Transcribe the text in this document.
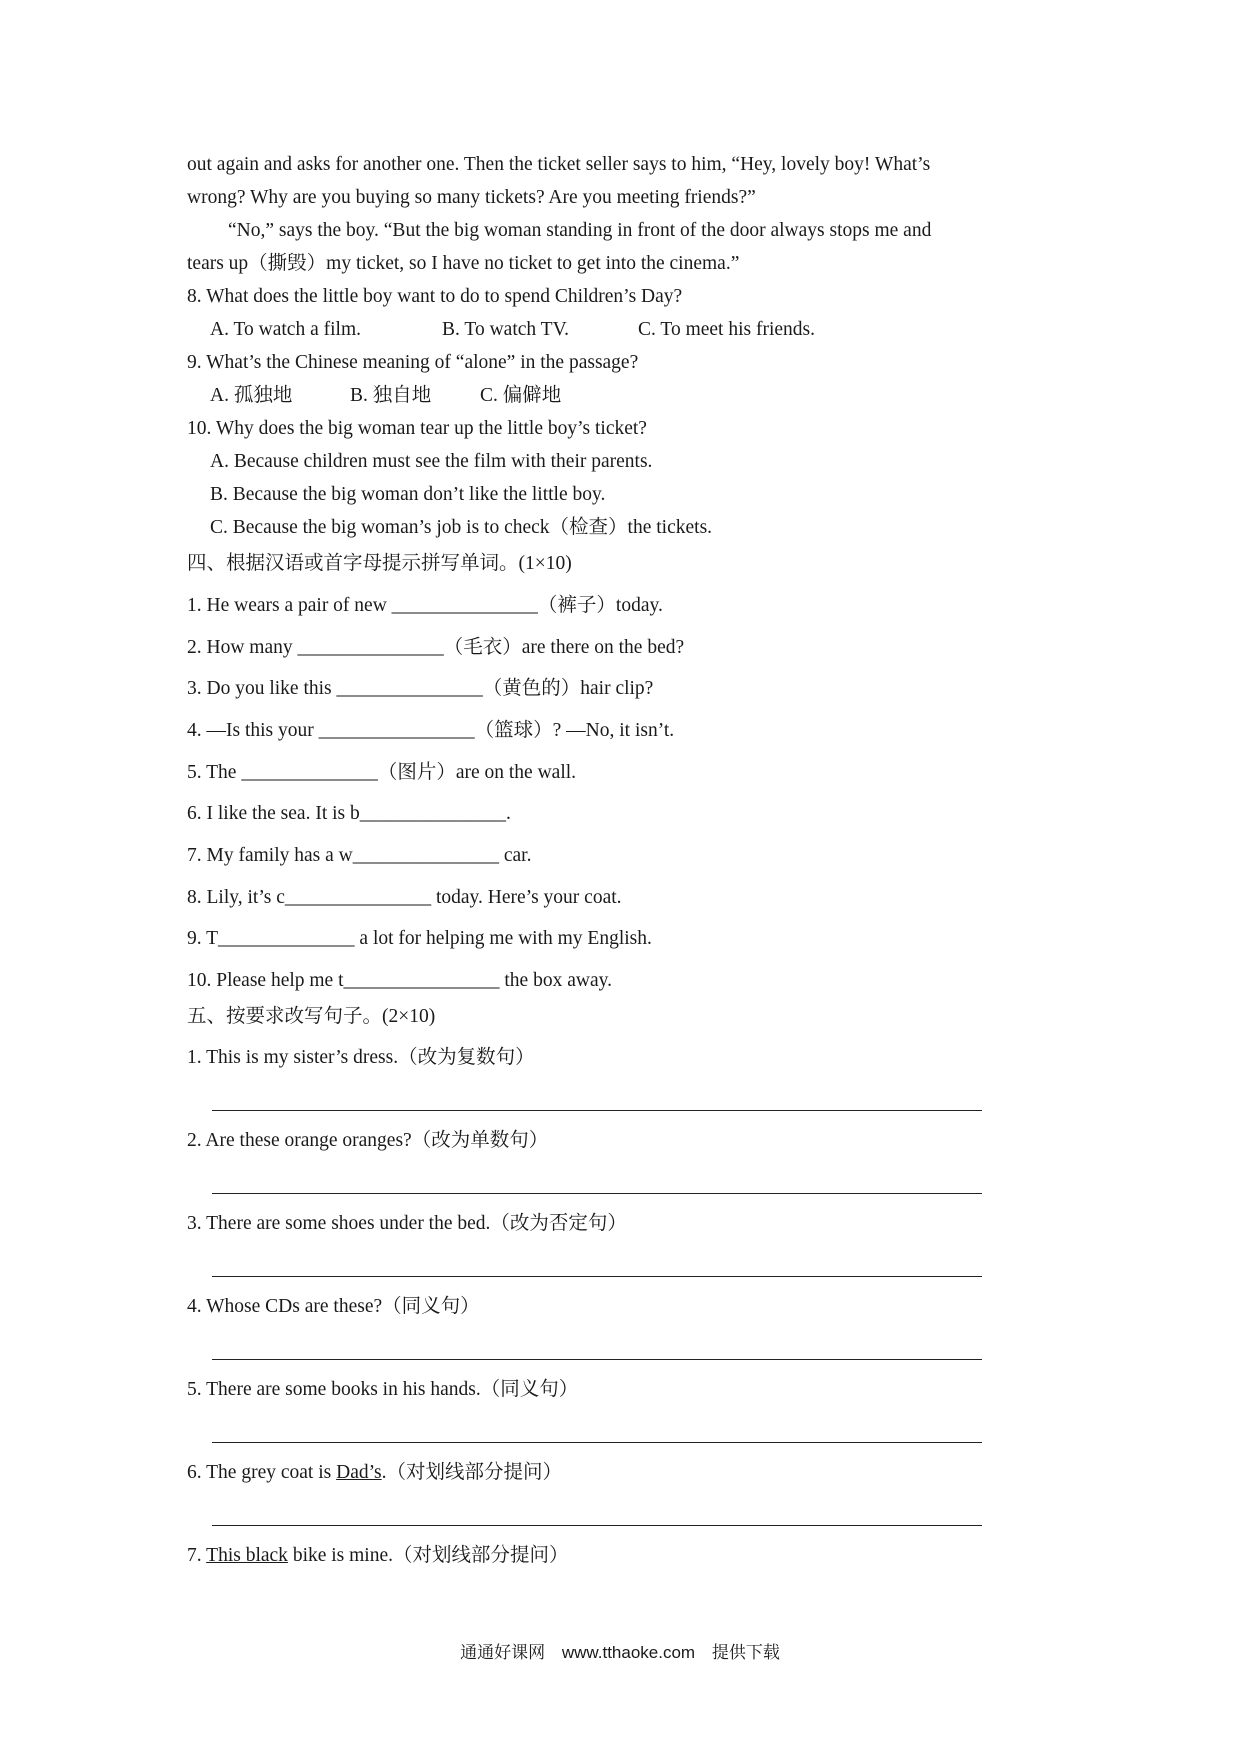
out again and asks for another one. Then the ticket seller says to him, “Hey, lovely boy! What’s
wrong? Why are you buying so many tickets? Are you meeting friends?”
“No,” says the boy. “But the big woman standing in front of the door always stops me and
tears up（撕毁）my ticket, so I have no ticket to get into the cinema.”
8. What does the little boy want to do to spend Children’s Day?
A. To watch a film.	B. To watch TV.	C. To meet his friends.
9. What’s the Chinese meaning of “alone” in the passage?
A. 孤独地	B. 独自地 C. 偏僻地
10. Why does the big woman tear up the little boy’s ticket?
A. Because children must see the film with their parents.
B. Because the big woman don’t like the little boy.
C. Because the big woman’s job is to check（检查）the tickets.
四、根据汉语或首字母提示拼写单词。(1×10)
1. He wears a pair of new _______________（裤子）today.
2. How many _______________（毛衣）are there on the bed?
3. Do you like this _______________（黄色的）hair clip?
4. —Is this your ________________（篮球）? —No, it isn’t.
5. The ______________（图片）are on the wall.
6. I like the sea. It is b_______________.
7. My family has a w_______________ car.
8. Lily, it’s c_______________ today. Here’s your coat.
9. T______________ a lot for helping me with my English.
10. Please help me t________________ the box away.
五、按要求改写句子。(2×10)
1. This is my sister’s dress.（改为复数句）
2. Are these orange oranges?（改为单数句）
3. There are some shoes under the bed.（改为否定句）
4. Whose CDs are these?（同义句）
5. There are some books in his hands.（同义句）
6. The grey coat is Dad’s.（对划线部分提问）
7. This black bike is mine.（对划线部分提问）
通通好课网 www.tthaoke.com 提供下载
